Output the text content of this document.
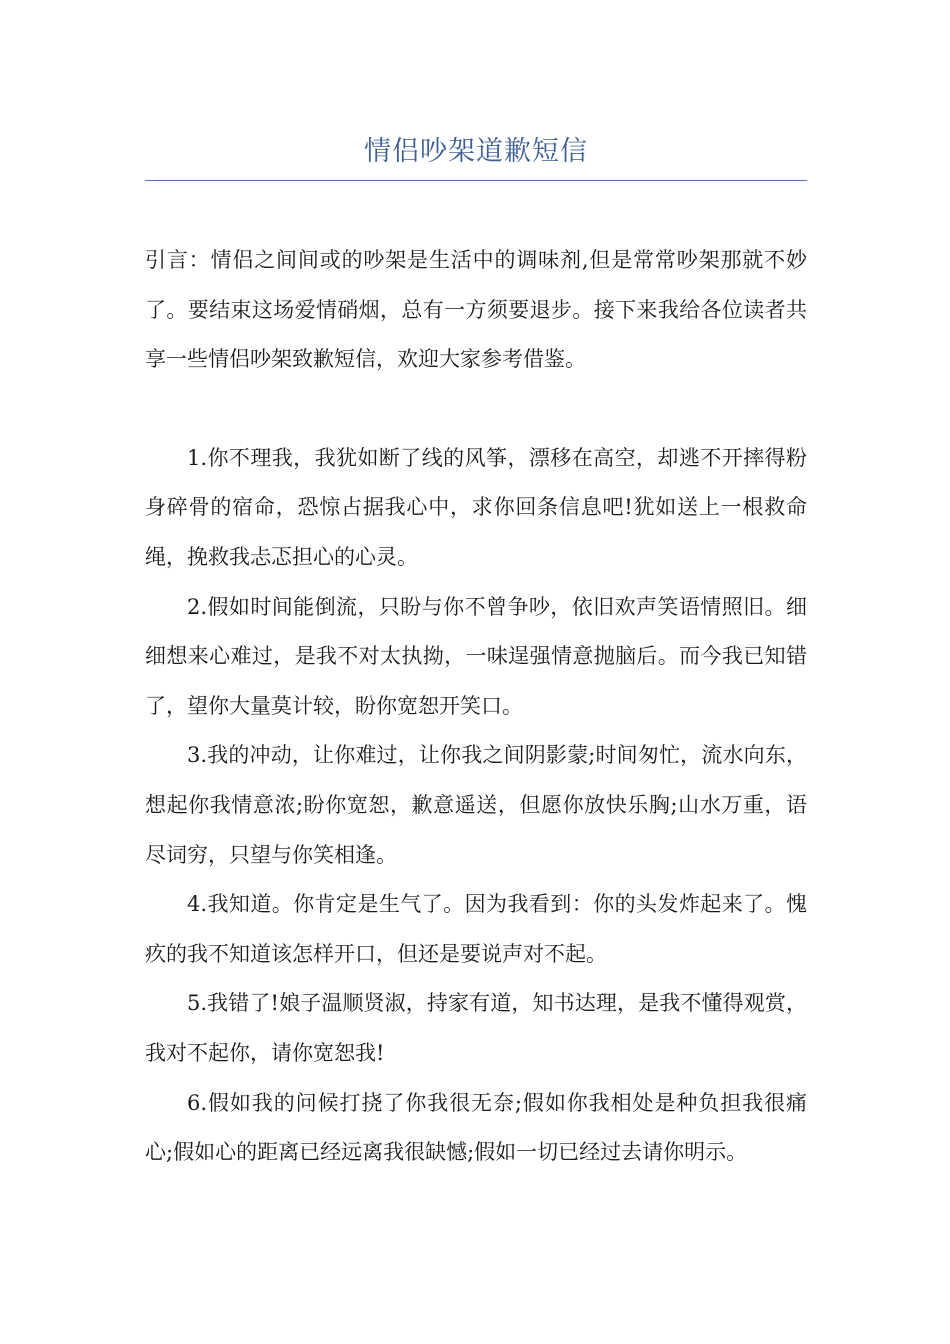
情侣吵架道歉短信

引言：情侣之间间或的吵架是生活中的调味剂,但是常常吵架那就不妙了。要结束这场爱情硝烟，总有一方须要退步。接下来我给各位读者共享一些情侣吵架致歉短信，欢迎大家参考借鉴。

1.你不理我，我犹如断了线的风筝，漂移在高空，却逃不开摔得粉身碎骨的宿命，恐惊占据我心中，求你回条信息吧!犹如送上一根救命绳，挽救我忐忑担心的心灵。

2.假如时间能倒流，只盼与你不曾争吵，依旧欢声笑语情照旧。细细想来心难过，是我不对太执拗，一味逞强情意抛脑后。而今我已知错了，望你大量莫计较，盼你宽恕开笑口。

3.我的冲动，让你难过，让你我之间阴影蒙;时间匆忙，流水向东，想起你我情意浓;盼你宽恕，歉意遥送，但愿你放快乐胸;山水万重，语尽词穷，只望与你笑相逢。

4.我知道。你肯定是生气了。因为我看到：你的头发炸起来了。愧疚的我不知道该怎样开口，但还是要说声对不起。

5.我错了!娘子温顺贤淑，持家有道，知书达理，是我不懂得观赏，我对不起你，请你宽恕我!

6.假如我的问候打挠了你我很无奈;假如你我相处是种负担我很痛心;假如心的距离已经远离我很缺憾;假如一切已经过去请你明示。
